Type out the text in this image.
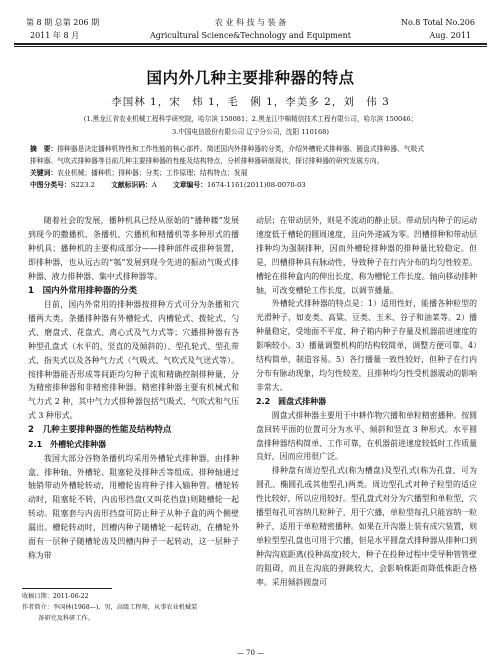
第 8 期 总第 206 期
2011 年 8 月
农 业 科 技 与 装 备
Agricultural Science&Technology and Equipment
No.8 Total No.206
Aug. 2011
国内外几种主要排种器的特点
李国林 1，宋　炜 1，毛　俐 1，李美多 2，刘　伟 3
(1.黑龙江省农业机械工程科学研究院，哈尔滨 150081；2.黑龙江中棉精信技术工程有限公司，哈尔滨 150046；
3.中国电信股份有限公司 辽宁分公司，沈阳 110168)
摘　要：排种器是决定播种机特性和工作性能的核心部件。简述国内外排种器的分类，介绍外槽轮式排种器、圆盘式排种器、气吸式
排种器、气吹式排种器等目前几种主要排种器的性能及结构特点，分析排种器研制现状，探讨排种器的研究发展方向。
关键词：农业机械；播种机；排种器；分类；工作原理；结构特点；发展
中图分类号：S223.2 文献标识码：A 文章编号：1674-1161(2011)08-0070-03

随着社会的发展，播种机具已经从原始的“播种耧”发展到现今的撒播机、条播机、穴播机和精播机等多种形式的播种机具；播种机的主要构成部分——排种部件或排种装置，即排种器，也从远古的“瓠”发展到现今先进的振动气吸式排种器、液力排种器、集中式排种器等。

1　国内外常用排种器的分类

目前，国内外常用的排种器按排种方式可分为条播和穴播两大类。条播排种器有外槽轮式、内槽轮式、拨轮式、勺式、磨盘式、花盘式、离心式及气力式等；穴播排种器有各种型孔盘式（水平的、竖直的及倾斜的）、型孔轮式、型孔带式、指夹式以及各种气力式（气吸式、气吹式及气送式等）。按排种器能否形成等间距均匀种子流和精确控制排种量，分为精密排种器和非精密排种器。精密排种器主要有机械式和气力式 2 种，其中气力式排种器包括气吸式、气吹式和气压式 3 种形式。

2　几种主要排种器的性能及结构特点
2.1　外槽轮式排种器

我国大部分谷物条播机均采用外槽轮式排种器，由排种盒、排种轴、外槽轮、阻塞轮及排种舌等组成。排种轴通过轴销带动外槽轮转动，用槽轮齿将种子排入输种管。槽轮转动时，阻塞轮不转，内齿形挡盘(又叫花挡盘)则随槽轮一起转动。阻塞套与内齿形挡盘可防止种子从种子盒的两个侧壁漏出。槽轮转动时，凹槽内种子随槽轮一起转动，在槽轮外面有一层种子随槽轮齿及凹槽内种子一起转动，这一层种子称为带

收稿日期：2011-06-22
作者简介：李国林(1968—)，男，高级工程师，从事农业机械装
备研究及科研工作。

动层；在带动层外，则是不流动的静止层。带动层内种子的运动速度低于槽轮的圆周速度，且向外递减为零。凹槽排种和带动层排种均为强制排种，因而外槽轮排种器的排种量比较稳定。但是，凹槽排种具有脉动性，导致种子在行内分布的均匀性较差。槽轮在排种盒内的伸出长度，称为槽轮工作长度。轴向移动排种轴，可改变槽轮工作长度，以调节播量。

外槽轮式排种器的特点是：1）适用性好，能播各种粒型的光滑种子，如麦类、高粱、豆类、玉米、谷子和油菜等。2）播种量稳定，受地面不平度、种子箱内种子存量及机器前进速度的影响较小。3）播量调整机构的结构较简单，调整方便可靠。4）结构简单，制造容易。5）各行播量一致性较好，但种子在行内分布有脉动现象，均匀性较差，且排种均匀性受机器震动的影响非常大。

2.2　圆盘式排种器

圆盘式排种器主要用于中耕作物穴播和单粒精密播种。按圆盘回转平面的位置可分为水平、倾斜和竖直 3 种形式。水平圆盘排种器结构简单、工作可靠，在机器前进速度较低时工作质量良好，因而应用很广泛。

排种盘有周边型孔式(称为槽盘)及型孔式(称为孔盘，可为圆孔、椭圆孔或其他型孔)两类。周边型孔式对种子粒型的适应性比较好，所以应用较好。型孔盘式对分为穴播型和单粒型，穴播型每孔可容纳几粒种子，用于穴播，单粒型每孔只能容纳一粒种子，适用于单粒精密播种。如果在开沟器上装有成穴装置，则单粒型型孔盘也可用于穴播，但是水平圆盘式排种器从排种口到种沟沟底距离(投种高度)较大，种子在投种过程中受导种管管壁的阻碍，而且在沟底的弹跳较大，会影响株距而降低株距合格率。采用倾斜圆盘可

— 70 —
